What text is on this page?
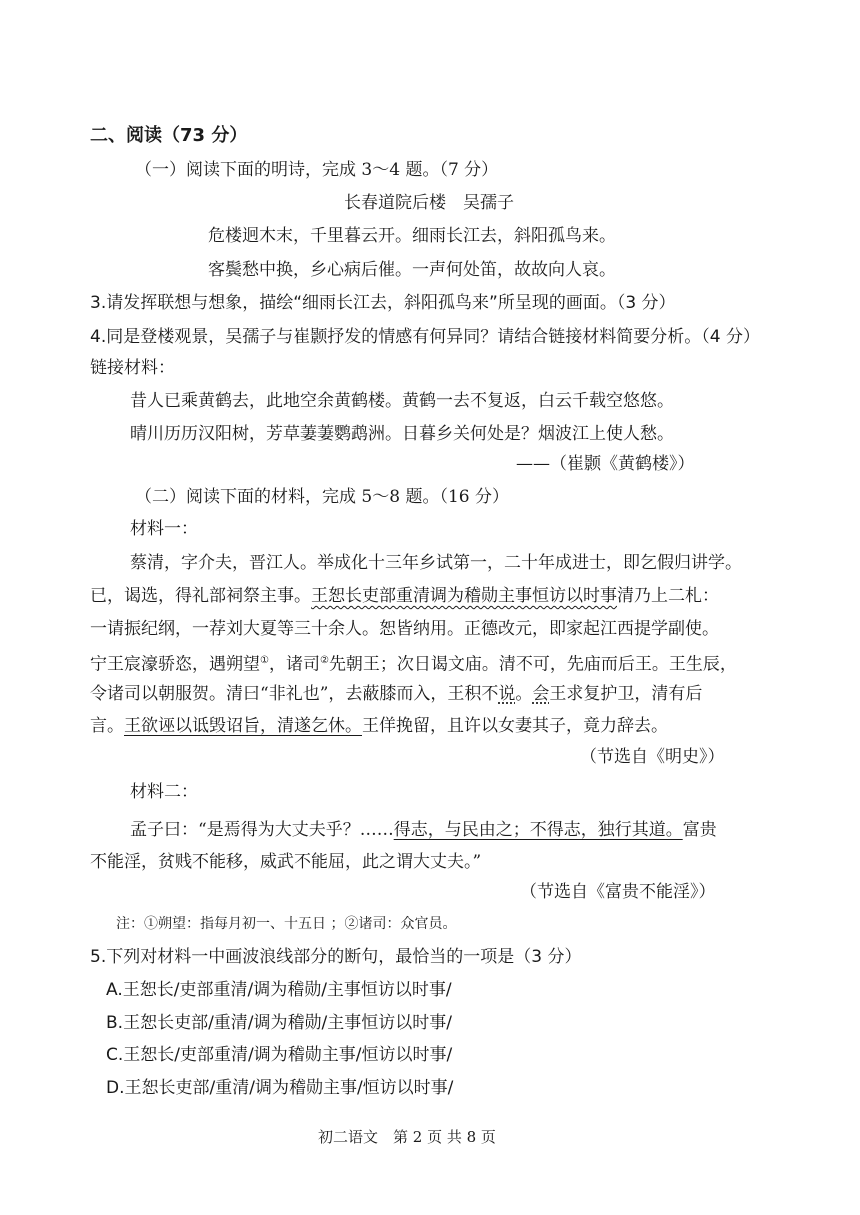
二、阅读（73 分）
（一）阅读下面的明诗，完成 3～4 题。（7 分）
长春道院后楼　吴孺子
危楼迥木末，千里暮云开。细雨长江去，斜阳孤鸟来。
客鬓愁中换，乡心病后催。一声何处笛，故故向人哀。
3.请发挥联想与想象，描绘“细雨长江去，斜阳孤鸟来”所呈现的画面。（3 分）
4.同是登楼观景，吴孺子与崔颢抒发的情感有何异同？请结合链接材料简要分析。（4 分）
链接材料：
昔人已乘黄鹤去，此地空余黄鹤楼。黄鹤一去不复返，白云千载空悠悠。
晴川历历汉阳树，芳草萋萋鹦鹉洲。日暮乡关何处是？烟波江上使人愁。
——（崔颢《黄鹤楼》）
（二）阅读下面的材料，完成 5～8 题。（16 分）
材料一：
蔡清，字介夫，晋江人。举成化十三年乡试第一，二十年成进士，即乞假归讲学。
已，谒选，得礼部祠祭主事。王恕长吏部重清调为稽勋主事恒访以时事清乃上二札：
一请振纪纲，一荐刘大夏等三十余人。恕皆纳用。正德改元，即家起江西提学副使。
宁王宸濠骄恣，遇朔望①，诸司②先朝王；次日谒文庙。清不可，先庙而后王。王生辰，
令诸司以朝服贺。清曰“非礼也”，去蔽膝而入，王积不说。会王求复护卫，清有后
言。王欲诬以诋毁诏旨，清遂乞休。王佯挽留，且许以女妻其子，竟力辞去。
（节选自《明史》）
材料二：
孟子曰：“是焉得为大丈夫乎？……得志，与民由之；不得志，独行其道。富贵
不能淫，贫贱不能移，威武不能屈，此之谓大丈夫。”
（节选自《富贵不能淫》）
注：①朔望：指每月初一、十五日 ；②诸司：众官员。
5.下列对材料一中画波浪线部分的断句，最恰当的一项是（3 分）
A.王恕长/吏部重清/调为稽勋/主事恒访以时事/
B.王恕长吏部/重清/调为稽勋/主事恒访以时事/
C.王恕长/吏部重清/调为稽勋主事/恒访以时事/
D.王恕长吏部/重清/调为稽勋主事/恒访以时事/
初二语文　第 2 页 共 8 页
